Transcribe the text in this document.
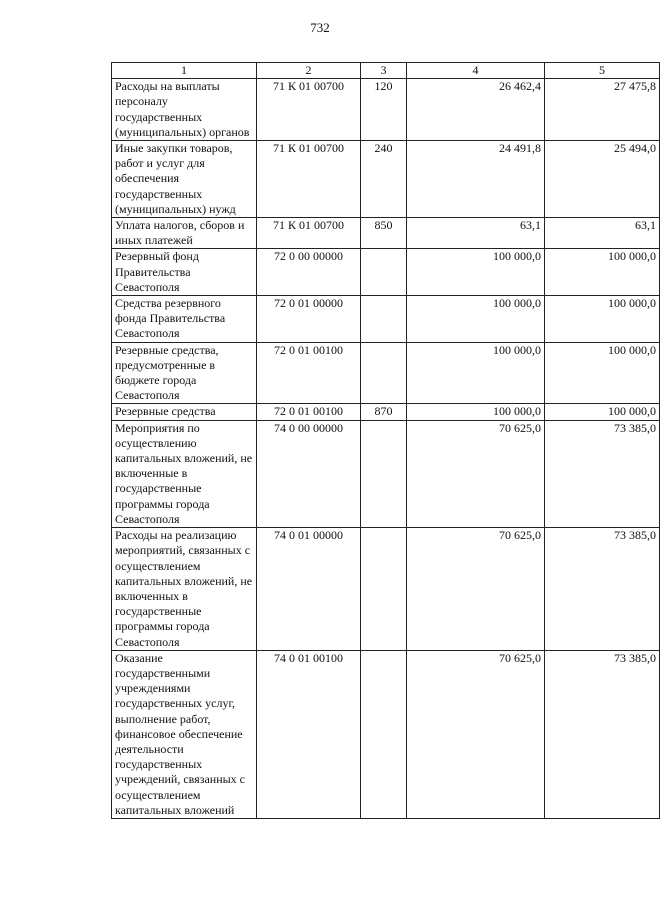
732
1	2	3	4	5
Расходы на выплаты персоналу государственных (муниципальных) органов	71 К 01 00700	120	26 462,4	27 475,8
Иные закупки товаров, работ и услуг для обеспечения государственных (муниципальных) нужд	71 К 01 00700	240	24 491,8	25 494,0
Уплата налогов, сборов и иных платежей	71 К 01 00700	850	63,1	63,1
Резервный фонд Правительства Севастополя	72 0 00 00000		100 000,0	100 000,0
Средства резервного фонда Правительства Севастополя	72 0 01 00000		100 000,0	100 000,0
Резервные средства, предусмотренные в бюджете города Севастополя	72 0 01 00100		100 000,0	100 000,0
Резервные средства	72 0 01 00100	870	100 000,0	100 000,0
Мероприятия по осуществлению капитальных вложений, не включенные в государственные программы города Севастополя	74 0 00 00000		70 625,0	73 385,0
Расходы на реализацию мероприятий, связанных с осуществлением капитальных вложений, не включенных в государственные программы города Севастополя	74 0 01 00000		70 625,0	73 385,0
Оказание государственными учреждениями государственных услуг, выполнение работ, финансовое обеспечение деятельности государственных учреждений, связанных с осуществлением капитальных вложений	74 0 01 00100		70 625,0	73 385,0
